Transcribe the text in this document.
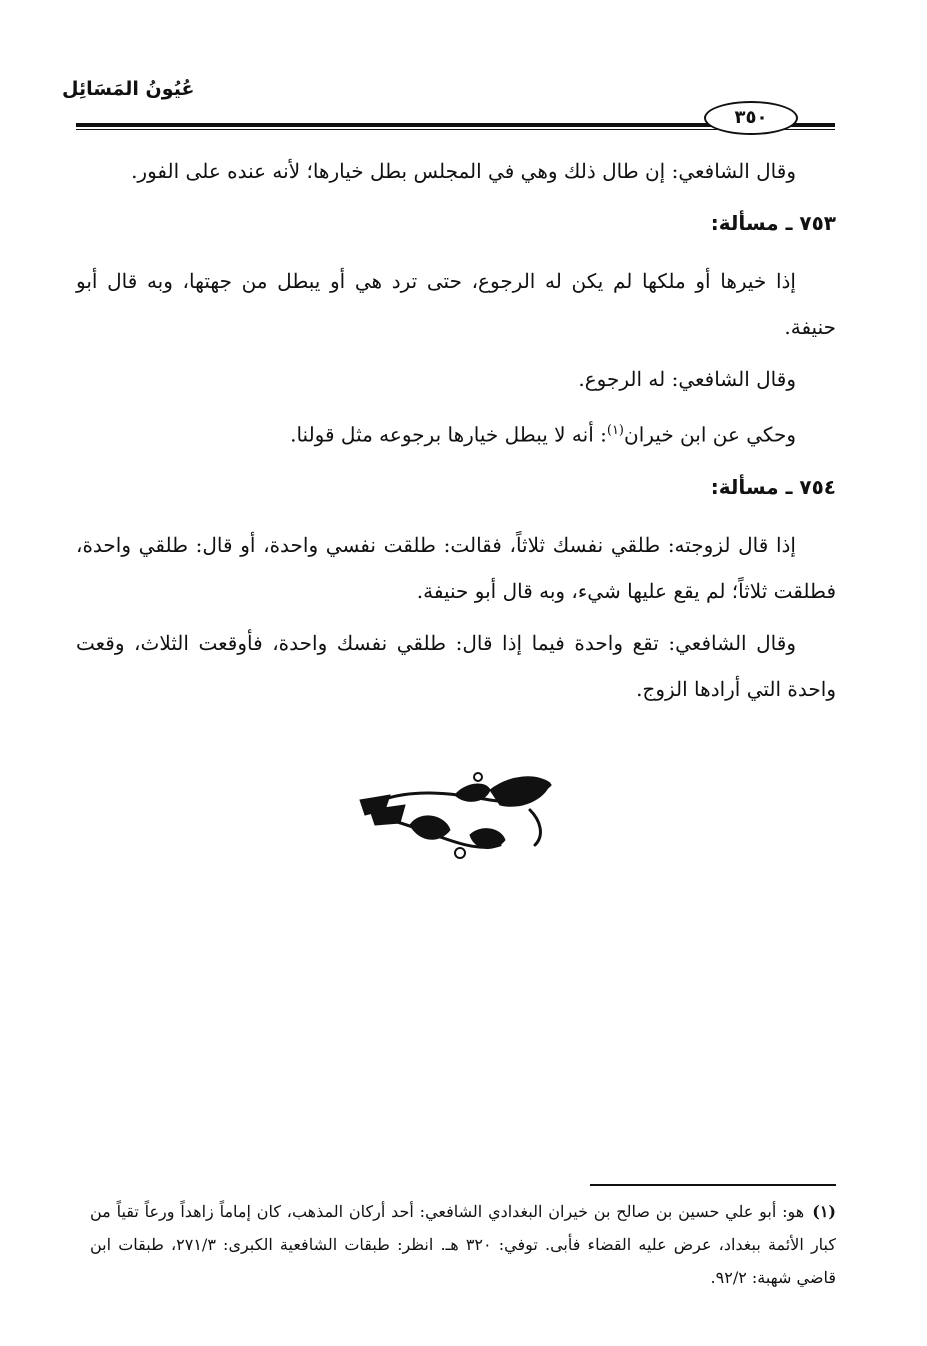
عُيُونُ المَسَائِل
٣٥٠

وقال الشافعي: إن طال ذلك وهي في المجلس بطل خيارها؛ لأنه عنده على الفور.

٧٥٣ ـ مسألة:

إذا خيرها أو ملكها لم يكن له الرجوع، حتى ترد هي أو يبطل من جهتها، وبه قال أبو حنيفة.

وقال الشافعي: له الرجوع.

وحكي عن ابن خيران$^{(١)}$: أنه لا يبطل خيارها برجوعه مثل قولنا.

٧٥٤ ـ مسألة:

إذا قال لزوجته: طلقي نفسك ثلاثاً، فقالت: طلقت نفسي واحدة، أو قال: طلقي واحدة، فطلقت ثلاثاً؛ لم يقع عليها شيء، وبه قال أبو حنيفة.

وقال الشافعي: تقع واحدة فيما إذا قال: طلقي نفسك واحدة، فأوقعت الثلاث، وقعت واحدة التي أرادها الزوج.

(١)هو: أبو علي حسين بن صالح بن خيران البغدادي الشافعي: أحد أركان المذهب، كان إماماً زاهداً ورعاً تقياً من كبار الأئمة ببغداد، عرض عليه القضاء فأبى. توفي: ٣٢٠ هـ. انظر: طبقات الشافعية الكبرى: ٢٧١/٣، طبقات ابن قاضي شهبة: ٩٢/٢.
